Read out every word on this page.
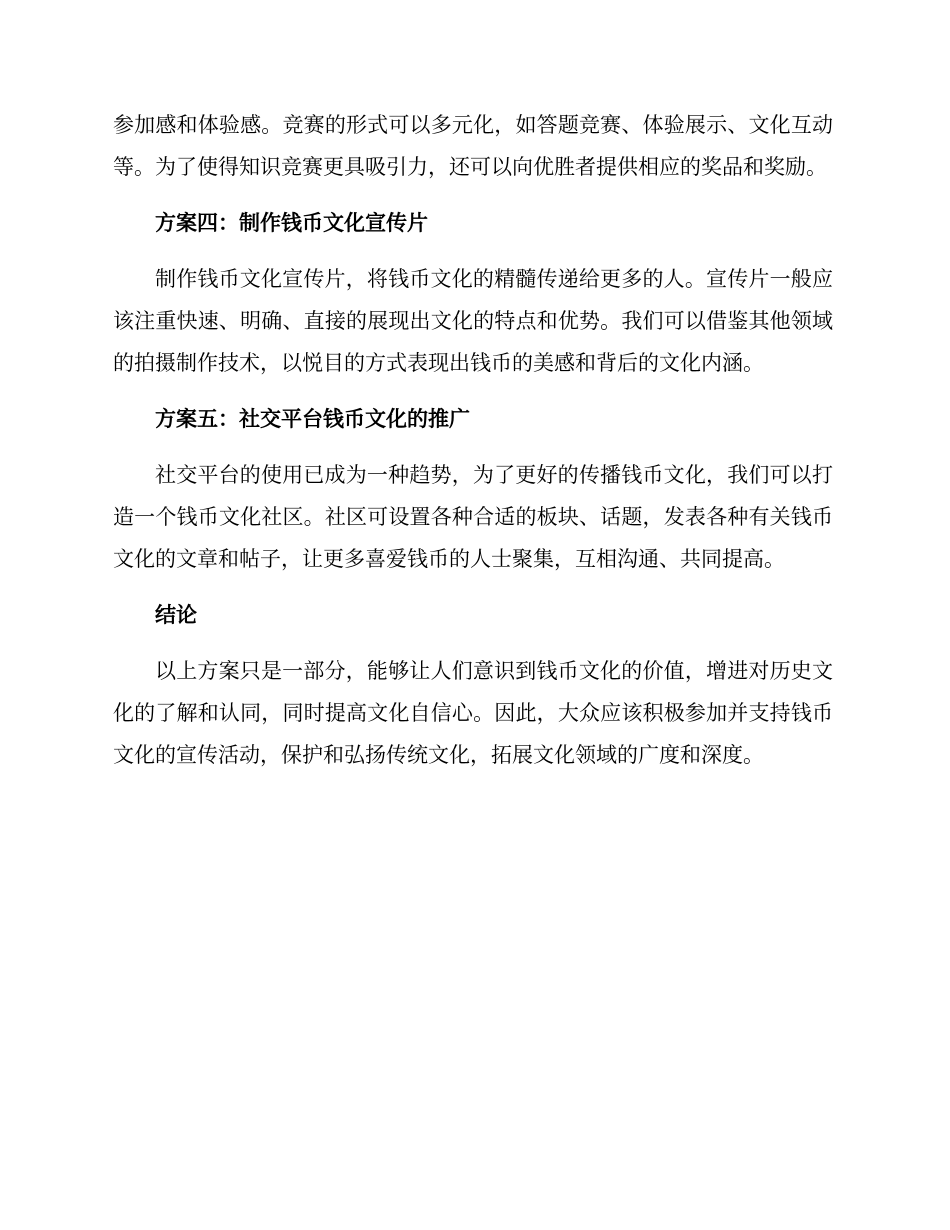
参加感和体验感。竞赛的形式可以多元化，如答题竞赛、体验展示、文化互动等。为了使得知识竞赛更具吸引力，还可以向优胜者提供相应的奖品和奖励。

方案四：制作钱币文化宣传片

制作钱币文化宣传片，将钱币文化的精髓传递给更多的人。宣传片一般应该注重快速、明确、直接的展现出文化的特点和优势。我们可以借鉴其他领域的拍摄制作技术，以悦目的方式表现出钱币的美感和背后的文化内涵。

方案五：社交平台钱币文化的推广

社交平台的使用已成为一种趋势，为了更好的传播钱币文化，我们可以打造一个钱币文化社区。社区可设置各种合适的板块、话题，发表各种有关钱币文化的文章和帖子，让更多喜爱钱币的人士聚集，互相沟通、共同提高。

结论

以上方案只是一部分，能够让人们意识到钱币文化的价值，增进对历史文化的了解和认同，同时提高文化自信心。因此，大众应该积极参加并支持钱币文化的宣传活动，保护和弘扬传统文化，拓展文化领域的广度和深度。
